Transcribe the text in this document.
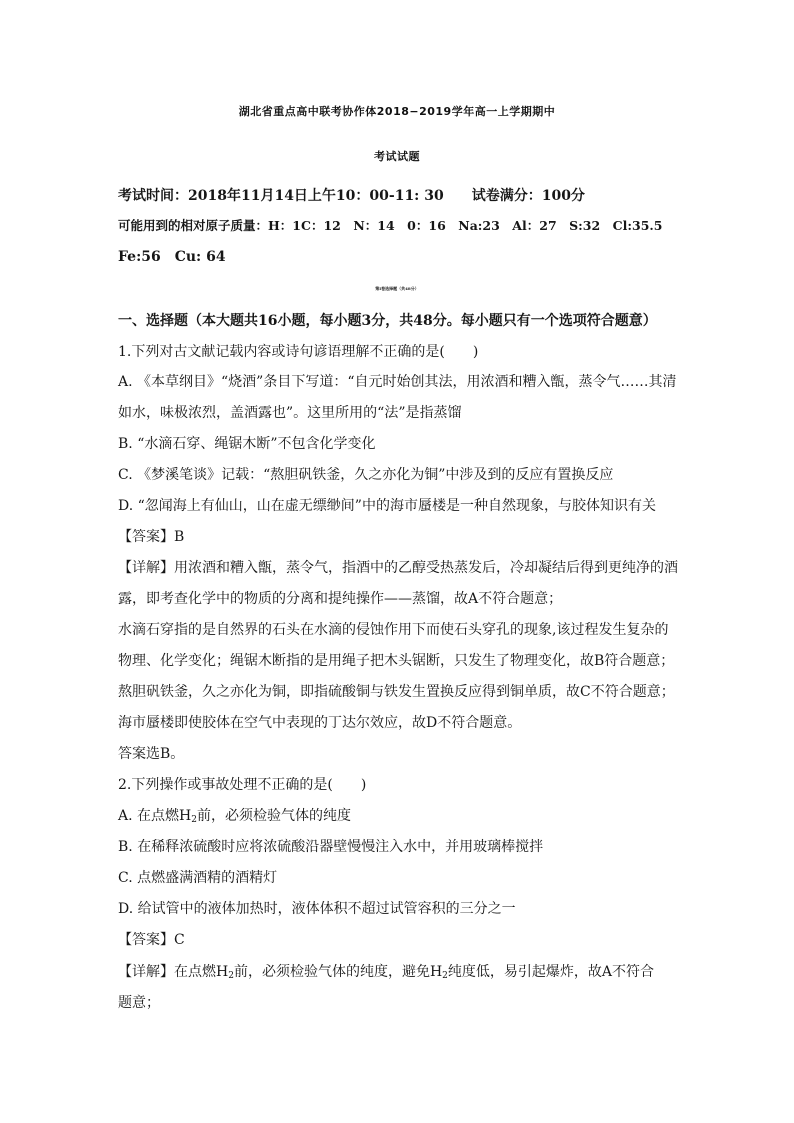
湖北省重点高中联考协作体2018−2019学年高一上学期期中
考试试题
考试时间：2018年11月14日上午10：00-11: 30　　试卷满分：100分
可能用到的相对原子质量：H：1C：12　N：14　0：16　Na:23　Al：27　S:32　Cl:35.5
Fe:56　Cu: 64
第Ⅰ卷选择题（共48分）
一、选择题（本大题共16小题，每小题3分，共48分。每小题只有一个选项符合题意）
1.下列对古文献记载内容或诗句谚语理解不正确的是(　　)
A. 《本草纲目》“烧酒”条目下写道：“自元时始创其法，用浓酒和糟入甑，蒸令气……其清
如水，味极浓烈，盖酒露也”。这里所用的“法”是指蒸馏
B. “水滴石穿、绳锯木断”不包含化学变化
C. 《梦溪笔谈》记载：“熬胆矾铁釜，久之亦化为铜”中涉及到的反应有置换反应
D. “忽闻海上有仙山，山在虚无缥缈间”中的海市蜃楼是一种自然现象，与胶体知识有关
【答案】B
【详解】用浓酒和糟入甑，蒸令气，指酒中的乙醇受热蒸发后，冷却凝结后得到更纯净的酒
露，即考查化学中的物质的分离和提纯操作——蒸馏，故A不符合题意；
水滴石穿指的是自然界的石头在水滴的侵蚀作用下而使石头穿孔的现象,该过程发生复杂的
物理、化学变化；绳锯木断指的是用绳子把木头锯断，只发生了物理变化，故B符合题意；
熬胆矾铁釜，久之亦化为铜，即指硫酸铜与铁发生置换反应得到铜单质，故C不符合题意；
海市蜃楼即使胶体在空气中表现的丁达尔效应，故D不符合题意。
答案选B。
2.下列操作或事故处理不正确的是(　　)
A. 在点燃$H_2$前，必须检验气体的纯度
B. 在稀释浓硫酸时应将浓硫酸沿器壁慢慢注入水中，并用玻璃棒搅拌
C. 点燃盛满酒精的酒精灯
D. 给试管中的液体加热时，液体体积不超过试管容积的三分之一
【答案】C
【详解】在点燃$H_2$前，必须检验气体的纯度，避免$H_2$纯度低，易引起爆炸，故A不符合
题意；
